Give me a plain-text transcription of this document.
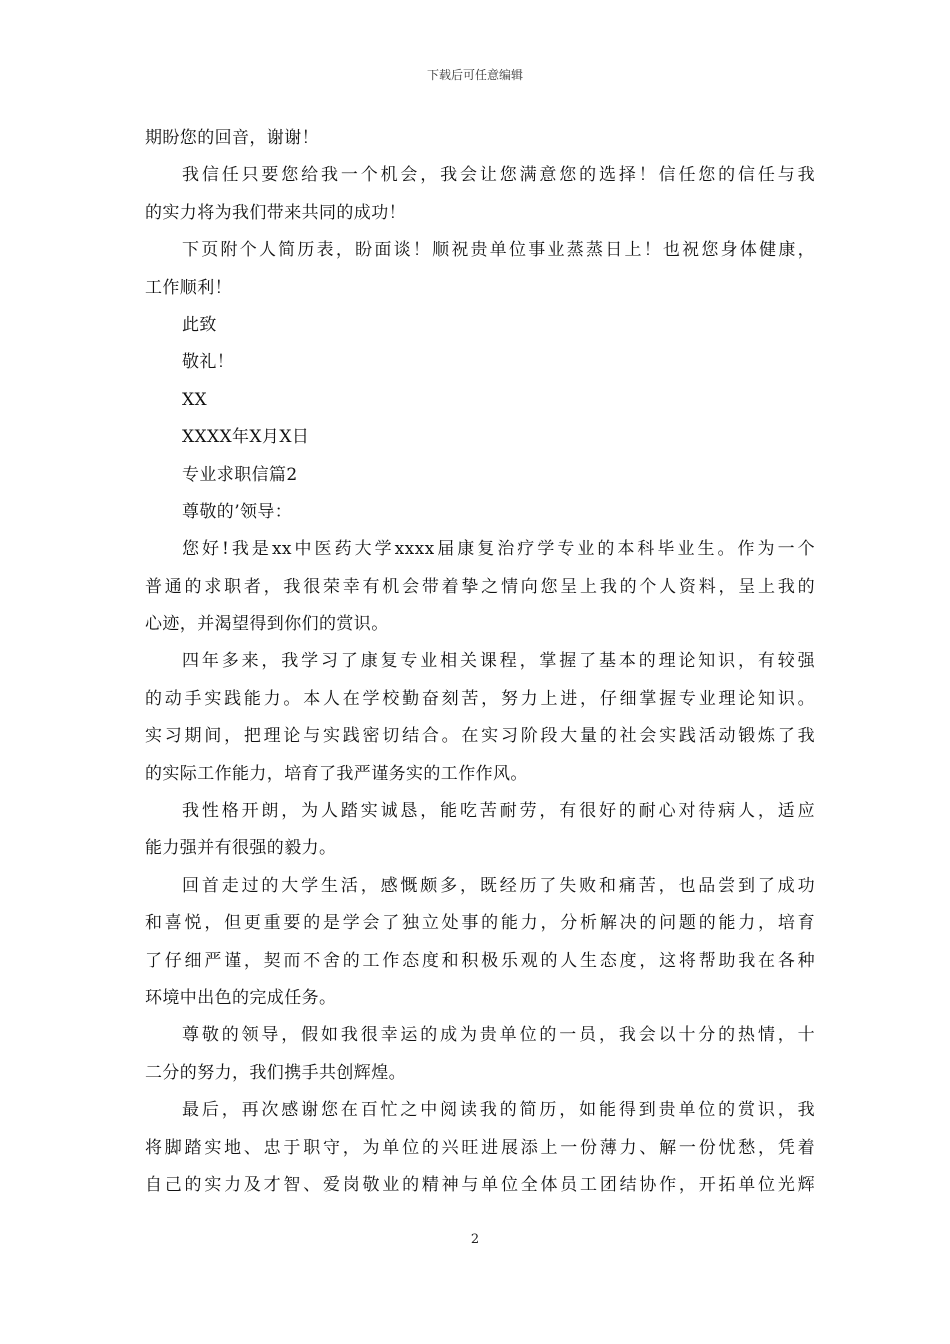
下载后可任意编辑
期盼您的回音，谢谢！
我信任只要您给我一个机会，我会让您满意您的选择！信任您的信任与我
的实力将为我们带来共同的成功！
下页附个人简历表，盼面谈！顺祝贵单位事业蒸蒸日上！也祝您身体健康，
工作顺利！
此致
敬礼！
XX
XXXX年X月X日
专业求职信篇2
尊敬的’领导：
您好!我是xx中医药大学xxxx届康复治疗学专业的本科毕业生。作为一个
普通的求职者，我很荣幸有机会带着挚之情向您呈上我的个人资料，呈上我的
心迹，并渴望得到你们的赏识。
四年多来，我学习了康复专业相关课程，掌握了基本的理论知识，有较强
的动手实践能力。本人在学校勤奋刻苦，努力上进，仔细掌握专业理论知识。
实习期间，把理论与实践密切结合。在实习阶段大量的社会实践活动锻炼了我
的实际工作能力，培育了我严谨务实的工作作风。
我性格开朗，为人踏实诚恳，能吃苦耐劳，有很好的耐心对待病人，适应
能力强并有很强的毅力。
回首走过的大学生活，感慨颇多，既经历了失败和痛苦，也品尝到了成功
和喜悦，但更重要的是学会了独立处事的能力，分析解决的问题的能力，培育
了仔细严谨，契而不舍的工作态度和积极乐观的人生态度，这将帮助我在各种
环境中出色的完成任务。
尊敬的领导，假如我很幸运的成为贵单位的一员，我会以十分的热情，十
二分的努力，我们携手共创辉煌。
最后，再次感谢您在百忙之中阅读我的简历，如能得到贵单位的赏识，我
将脚踏实地、忠于职守，为单位的兴旺进展添上一份薄力、解一份忧愁，凭着
自己的实力及才智、爱岗敬业的精神与单位全体员工团结协作，开拓单位光辉
2
